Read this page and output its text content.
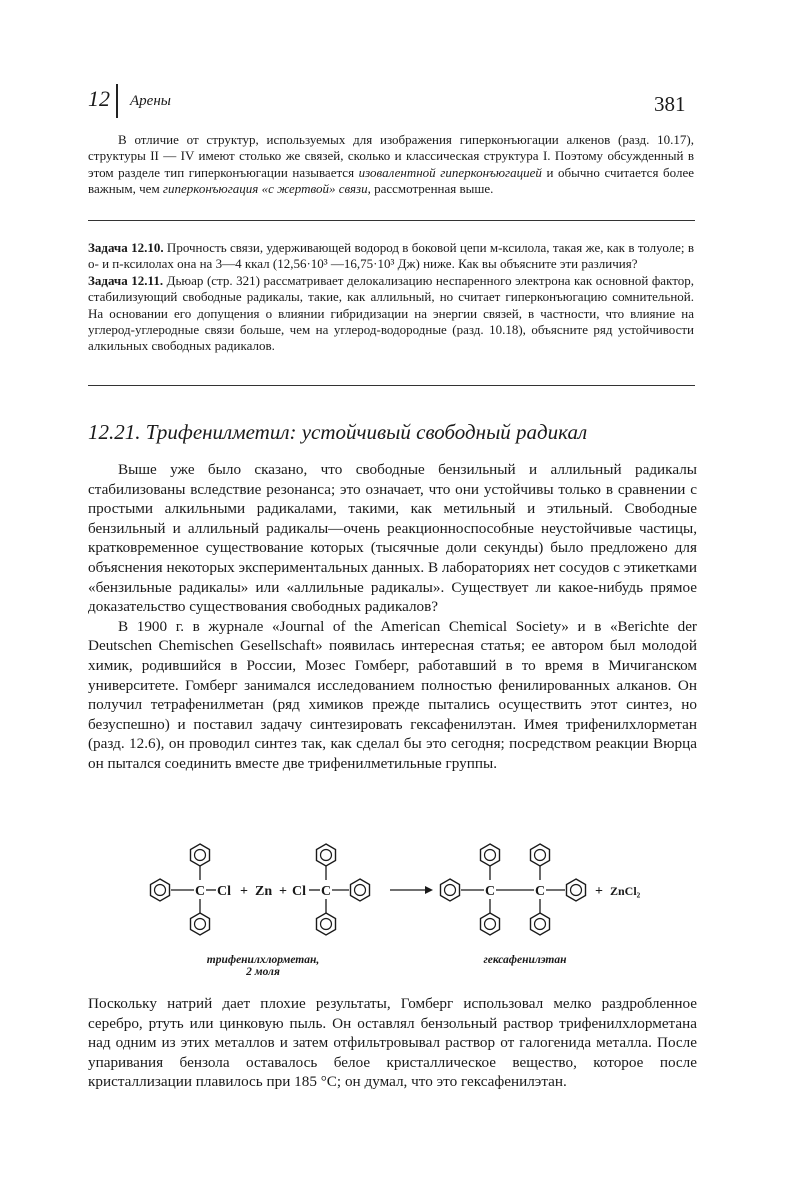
12 Арены	381

В отличие от структур, используемых для изображения гиперконъюгации алкенов (разд. 10.17), структуры II — IV имеют столько же связей, сколько и классическая структура I. Поэтому обсужденный в этом разделе тип гиперконъюгации называется изовалентной гиперконъюгацией и обычно считается более важным, чем гиперконъюгация «с жертвой» связи, рассмотренная выше.

Задача 12.10. Прочность связи, удерживающей водород в боковой цепи м-ксилола, такая же, как в толуоле; в о- и п-ксилолах она на 3—4 ккал (12,56·10³ —16,75·10³ Дж) ниже. Как вы объясните эти различия?

Задача 12.11. Дьюар (стр. 321) рассматривает делокализацию неспаренного электрона как основной фактор, стабилизующий свободные радикалы, такие, как аллильный, но считает гиперконъюгацию сомнительной. На основании его допущения о влиянии гибридизации на энергии связей, в частности, что влияние на углерод-углеродные связи больше, чем на углерод-водородные (разд. 10.18), объясните ряд устойчивости алкильных свободных радикалов.

12.21. Трифенилметил: устойчивый свободный радикал

Выше уже было сказано, что свободные бензильный и аллильный радикалы стабилизованы вследствие резонанса; это означает, что они устойчивы только в сравнении с простыми алкильными радикалами, такими, как метильный и этильный. Свободные бензильный и аллильный радикалы—очень реакционноспособные неустойчивые частицы, кратковременное существование которых (тысячные доли секунды) было предложено для объяснения некоторых экспериментальных данных. В лабораториях нет сосудов с этикетками «бензильные радикалы» или «аллильные радикалы». Существует ли какое-нибудь прямое доказательство существования свободных радикалов?

В 1900 г. в журнале «Journal of the American Chemical Society» и в «Berichte der Deutschen Chemischen Gesellschaft» появилась интересная статья; ее автором был молодой химик, родившийся в России, Мозес Гомберг, работавший в то время в Мичиганском университете. Гомберг занимался исследованием полностью фенилированных алканов. Он получил тетрафенилметан (ряд химиков прежде пытались осуществить этот синтез, но безуспешно) и поставил задачу синтезировать гексафенилэтан. Имея трифенилхлорметан (разд. 12.6), он проводил синтез так, как сделал бы это сегодня; посредством реакции Вюрца он пытался соединить вместе две трифенилметильные группы.

C Cl + Zn + Cl C	C	C	+ ZnCl₂
трифенилхлорметан,
2 моля
гексафенилэтан

Поскольку натрий дает плохие результаты, Гомберг использовал мелко раздробленное серебро, ртуть или цинковую пыль. Он оставлял бензольный раствор трифенилхлорметана над одним из этих металлов и затем отфильтровывал раствор от галогенида металла. После упаривания бензола оставалось белое кристаллическое вещество, которое после кристаллизации плавилось при 185 °С; он думал, что это гексафенилэтан.
